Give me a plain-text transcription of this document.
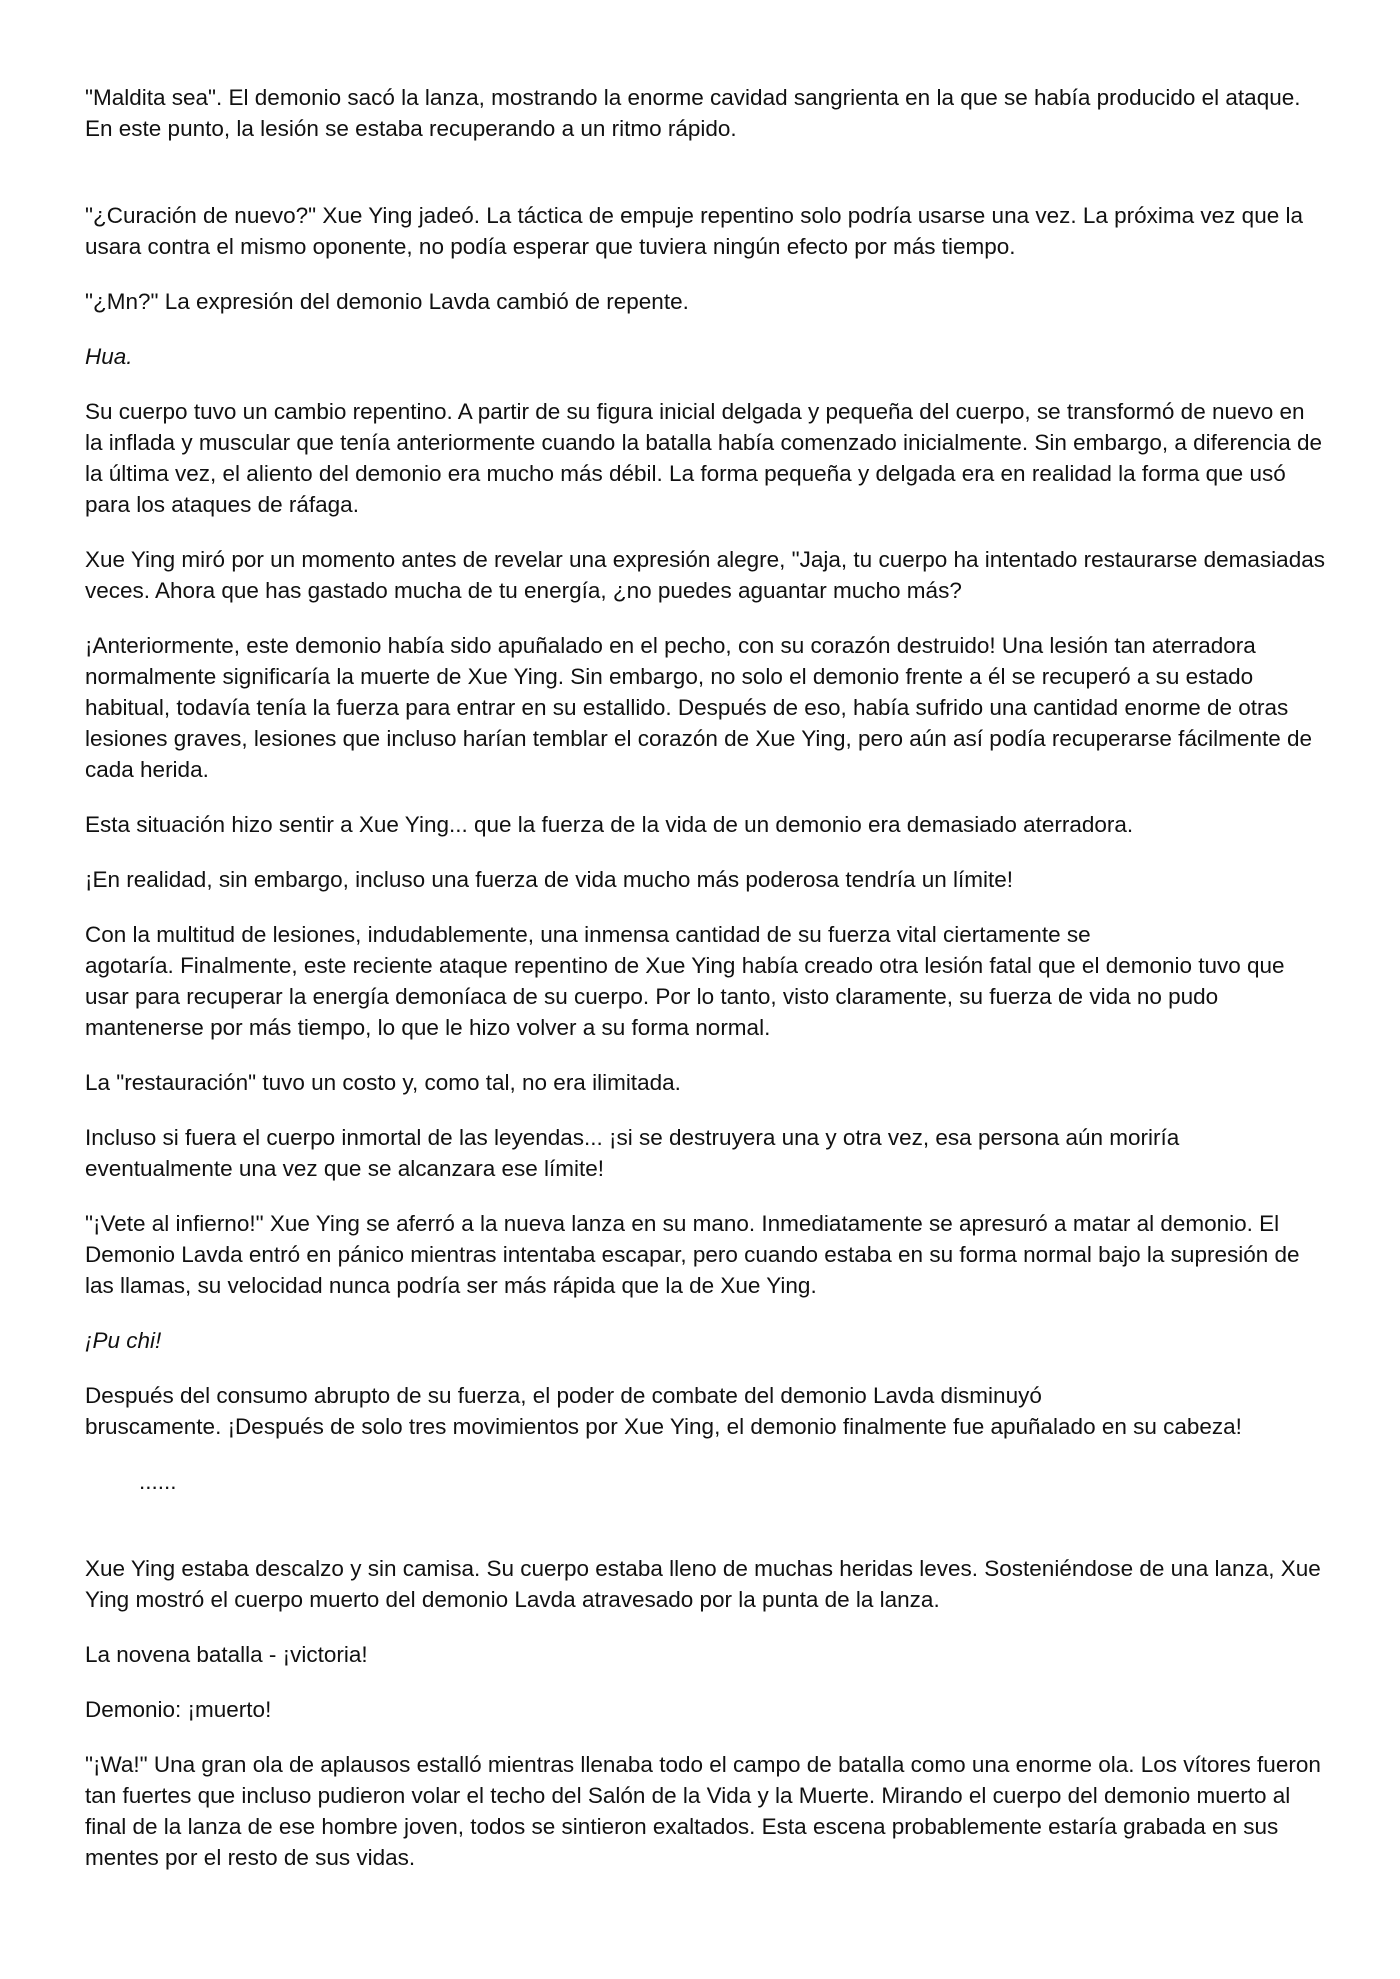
"Maldita sea". El demonio sacó la lanza, mostrando la enorme cavidad sangrienta en la que se había producido el ataque. En este punto, la lesión se estaba recuperando a un ritmo rápido.

"¿Curación de nuevo?" Xue Ying jadeó. La táctica de empuje repentino solo podría usarse una vez. La próxima vez que la usara contra el mismo oponente, no podía esperar que tuviera ningún efecto por más tiempo.

"¿Mn?" La expresión del demonio Lavda cambió de repente.

Hua.

Su cuerpo tuvo un cambio repentino. A partir de su figura inicial delgada y pequeña del cuerpo, se transformó de nuevo en la inflada y muscular que tenía anteriormente cuando la batalla había comenzado inicialmente. Sin embargo, a diferencia de la última vez, el aliento del demonio era mucho más débil. La forma pequeña y delgada era en realidad la forma que usó para los ataques de ráfaga.

Xue Ying miró por un momento antes de revelar una expresión alegre, "Jaja, tu cuerpo ha intentado restaurarse demasiadas veces. Ahora que has gastado mucha de tu energía, ¿no puedes aguantar mucho más?

¡Anteriormente, este demonio había sido apuñalado en el pecho, con su corazón destruido! Una lesión tan aterradora normalmente significaría la muerte de Xue Ying. Sin embargo, no solo el demonio frente a él se recuperó a su estado habitual, todavía tenía la fuerza para entrar en su estallido. Después de eso, había sufrido una cantidad enorme de otras lesiones graves, lesiones que incluso harían temblar el corazón de Xue Ying, pero aún así podía recuperarse fácilmente de cada herida.

Esta situación hizo sentir a Xue Ying... que la fuerza de la vida de un demonio era demasiado aterradora.

¡En realidad, sin embargo, incluso una fuerza de vida mucho más poderosa tendría un límite!

Con la multitud de lesiones, indudablemente, una inmensa cantidad de su fuerza vital ciertamente se

agotaría. Finalmente, este reciente ataque repentino de Xue Ying había creado otra lesión fatal que el demonio tuvo que usar para recuperar la energía demoníaca de su cuerpo. Por lo tanto, visto claramente, su fuerza de vida no pudo mantenerse por más tiempo, lo que le hizo volver a su forma normal.

La "restauración" tuvo un costo y, como tal, no era ilimitada.

Incluso si fuera el cuerpo inmortal de las leyendas... ¡si se destruyera una y otra vez, esa persona aún moriría eventualmente una vez que se alcanzara ese límite!

"¡Vete al infierno!" Xue Ying se aferró a la nueva lanza en su mano. Inmediatamente se apresuró a matar al demonio. El Demonio Lavda entró en pánico mientras intentaba escapar, pero cuando estaba en su forma normal bajo la supresión de las llamas, su velocidad nunca podría ser más rápida que la de Xue Ying.

¡Pu chi!

Después del consumo abrupto de su fuerza, el poder de combate del demonio Lavda disminuyó

bruscamente. ¡Después de solo tres movimientos por Xue Ying, el demonio finalmente fue apuñalado en su cabeza!

......

Xue Ying estaba descalzo y sin camisa. Su cuerpo estaba lleno de muchas heridas leves. Sosteniéndose de una lanza, Xue Ying mostró el cuerpo muerto del demonio Lavda atravesado por la punta de la lanza.

La novena batalla - ¡victoria!

Demonio: ¡muerto!

"¡Wa!" Una gran ola de aplausos estalló mientras llenaba todo el campo de batalla como una enorme ola. Los vítores fueron tan fuertes que incluso pudieron volar el techo del Salón de la Vida y la Muerte. Mirando el cuerpo del demonio muerto al final de la lanza de ese hombre joven, todos se sintieron exaltados. Esta escena probablemente estaría grabada en sus mentes por el resto de sus vidas.
